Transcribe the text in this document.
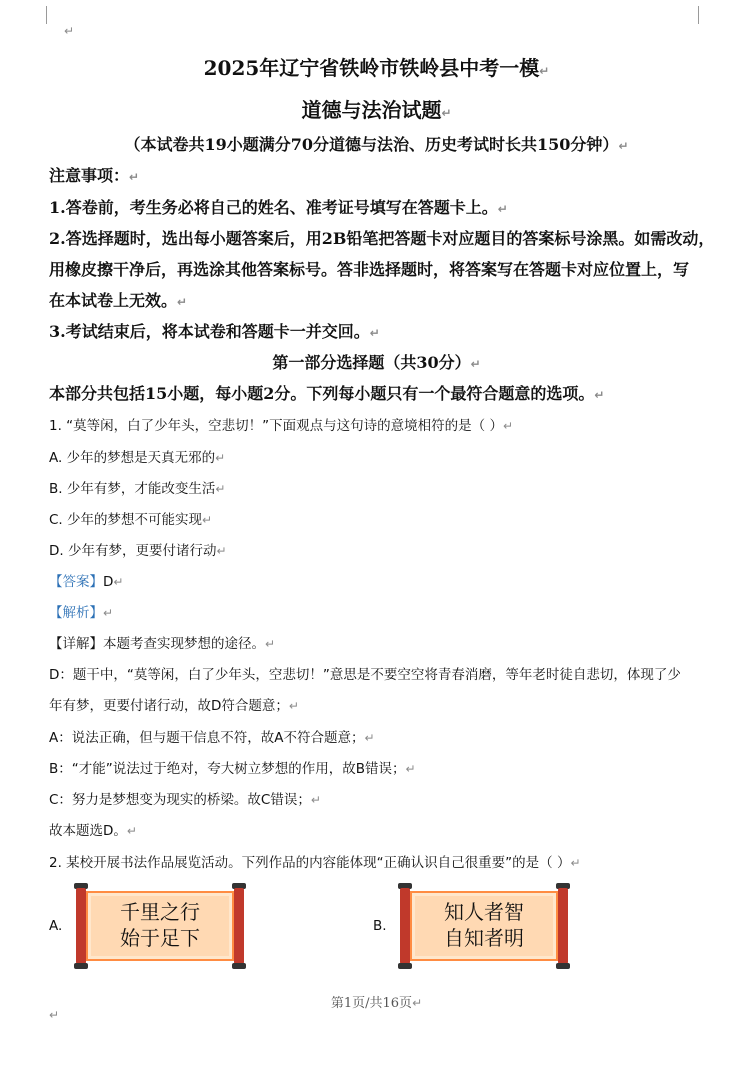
↵
2025年辽宁省铁岭市铁岭县中考一模↵
道德与法治试题↵
（本试卷共19小题满分70分道德与法治、历史考试时长共150分钟）↵
注意事项：↵
1.答卷前，考生务必将自己的姓名、准考证号填写在答题卡上。↵
2.答选择题时，选出每小题答案后，用2B铅笔把答题卡对应题目的答案标号涂黑。如需改动，
用橡皮擦干净后，再选涂其他答案标号。答非选择题时，将答案写在答题卡对应位置上，写
在本试卷上无效。↵
3.考试结束后，将本试卷和答题卡一并交回。↵
第一部分选择题（共30分）↵
本部分共包括15小题，每小题2分。下列每小题只有一个最符合题意的选项。↵
1. “莫等闲，白了少年头，空悲切！”下面观点与这句诗的意境相符的是（ ）↵
A. 少年的梦想是天真无邪的↵
B. 少年有梦，才能改变生活↵
C. 少年的梦想不可能实现↵
D. 少年有梦，更要付诸行动↵
【答案】D↵
【解析】↵
【详解】本题考查实现梦想的途径。↵
D：题干中，“莫等闲，白了少年头，空悲切！”意思是不要空空将青春消磨，等年老时徒自悲切，体现了少
年有梦，更要付诸行动，故D符合题意；↵
A：说法正确，但与题干信息不符，故A不符合题意；↵
B：“才能”说法过于绝对，夸大树立梦想的作用，故B错误；↵
C：努力是梦想变为现实的桥梁。故C错误；↵
故本题选D。↵
2. 某校开展书法作品展览活动。下列作品的内容能体现“正确认识自己很重要”的是（ ）↵
A.
千里之行
始于足下	B.
知人者智
自知者明
第1页/共16页↵
↵
